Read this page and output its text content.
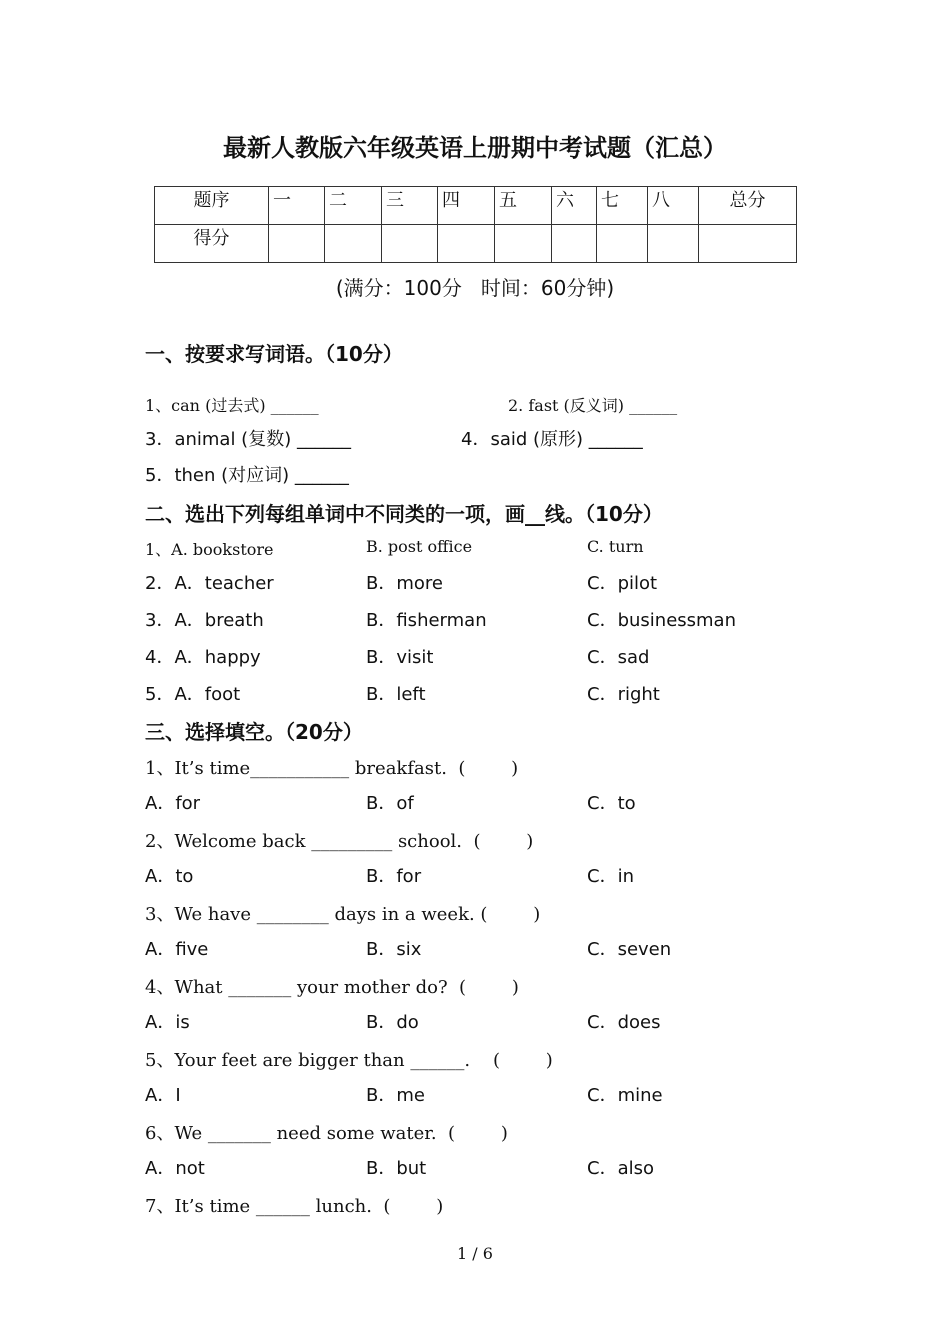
最新人教版六年级英语上册期中考试题（汇总）
题序	一	二	三	四	五	六	七	八	总分
得分									
(满分：100分   时间：60分钟)
一、按要求写词语。（10分）
1、can (过去式) ______	2. fast (反义词) ______
3．animal (复数) ______	4．said (原形) ______
5．then (对应词) ______
二、选出下列每组单词中不同类的一项，画__线。（10分）
1、A. bookstore	B. post office	C. turn
2．A．teacher	B．more	C．pilot
3．A．breath	B．fisherman	C．businessman
4．A．happy	B．visit	C．sad
5．A．foot	B．left	C．right
三、选择填空。（20分）
1、It’s time___________ breakfast.  (        )
A．for	B．of	C．to
2、Welcome back _________ school.  (        )
A．to	B．for	C．in
3、We have ________ days in a week. (        )
A．five	B．six	C．seven
4、What _______ your mother do?  (        )
A．is	B．do	C．does
5、Your feet are bigger than ______.    (        )
A．I	B．me	C．mine
6、We _______ need some water.  (        )
A．not	B．but	C．also
7、It’s time ______ lunch.  (        )
1 / 6
